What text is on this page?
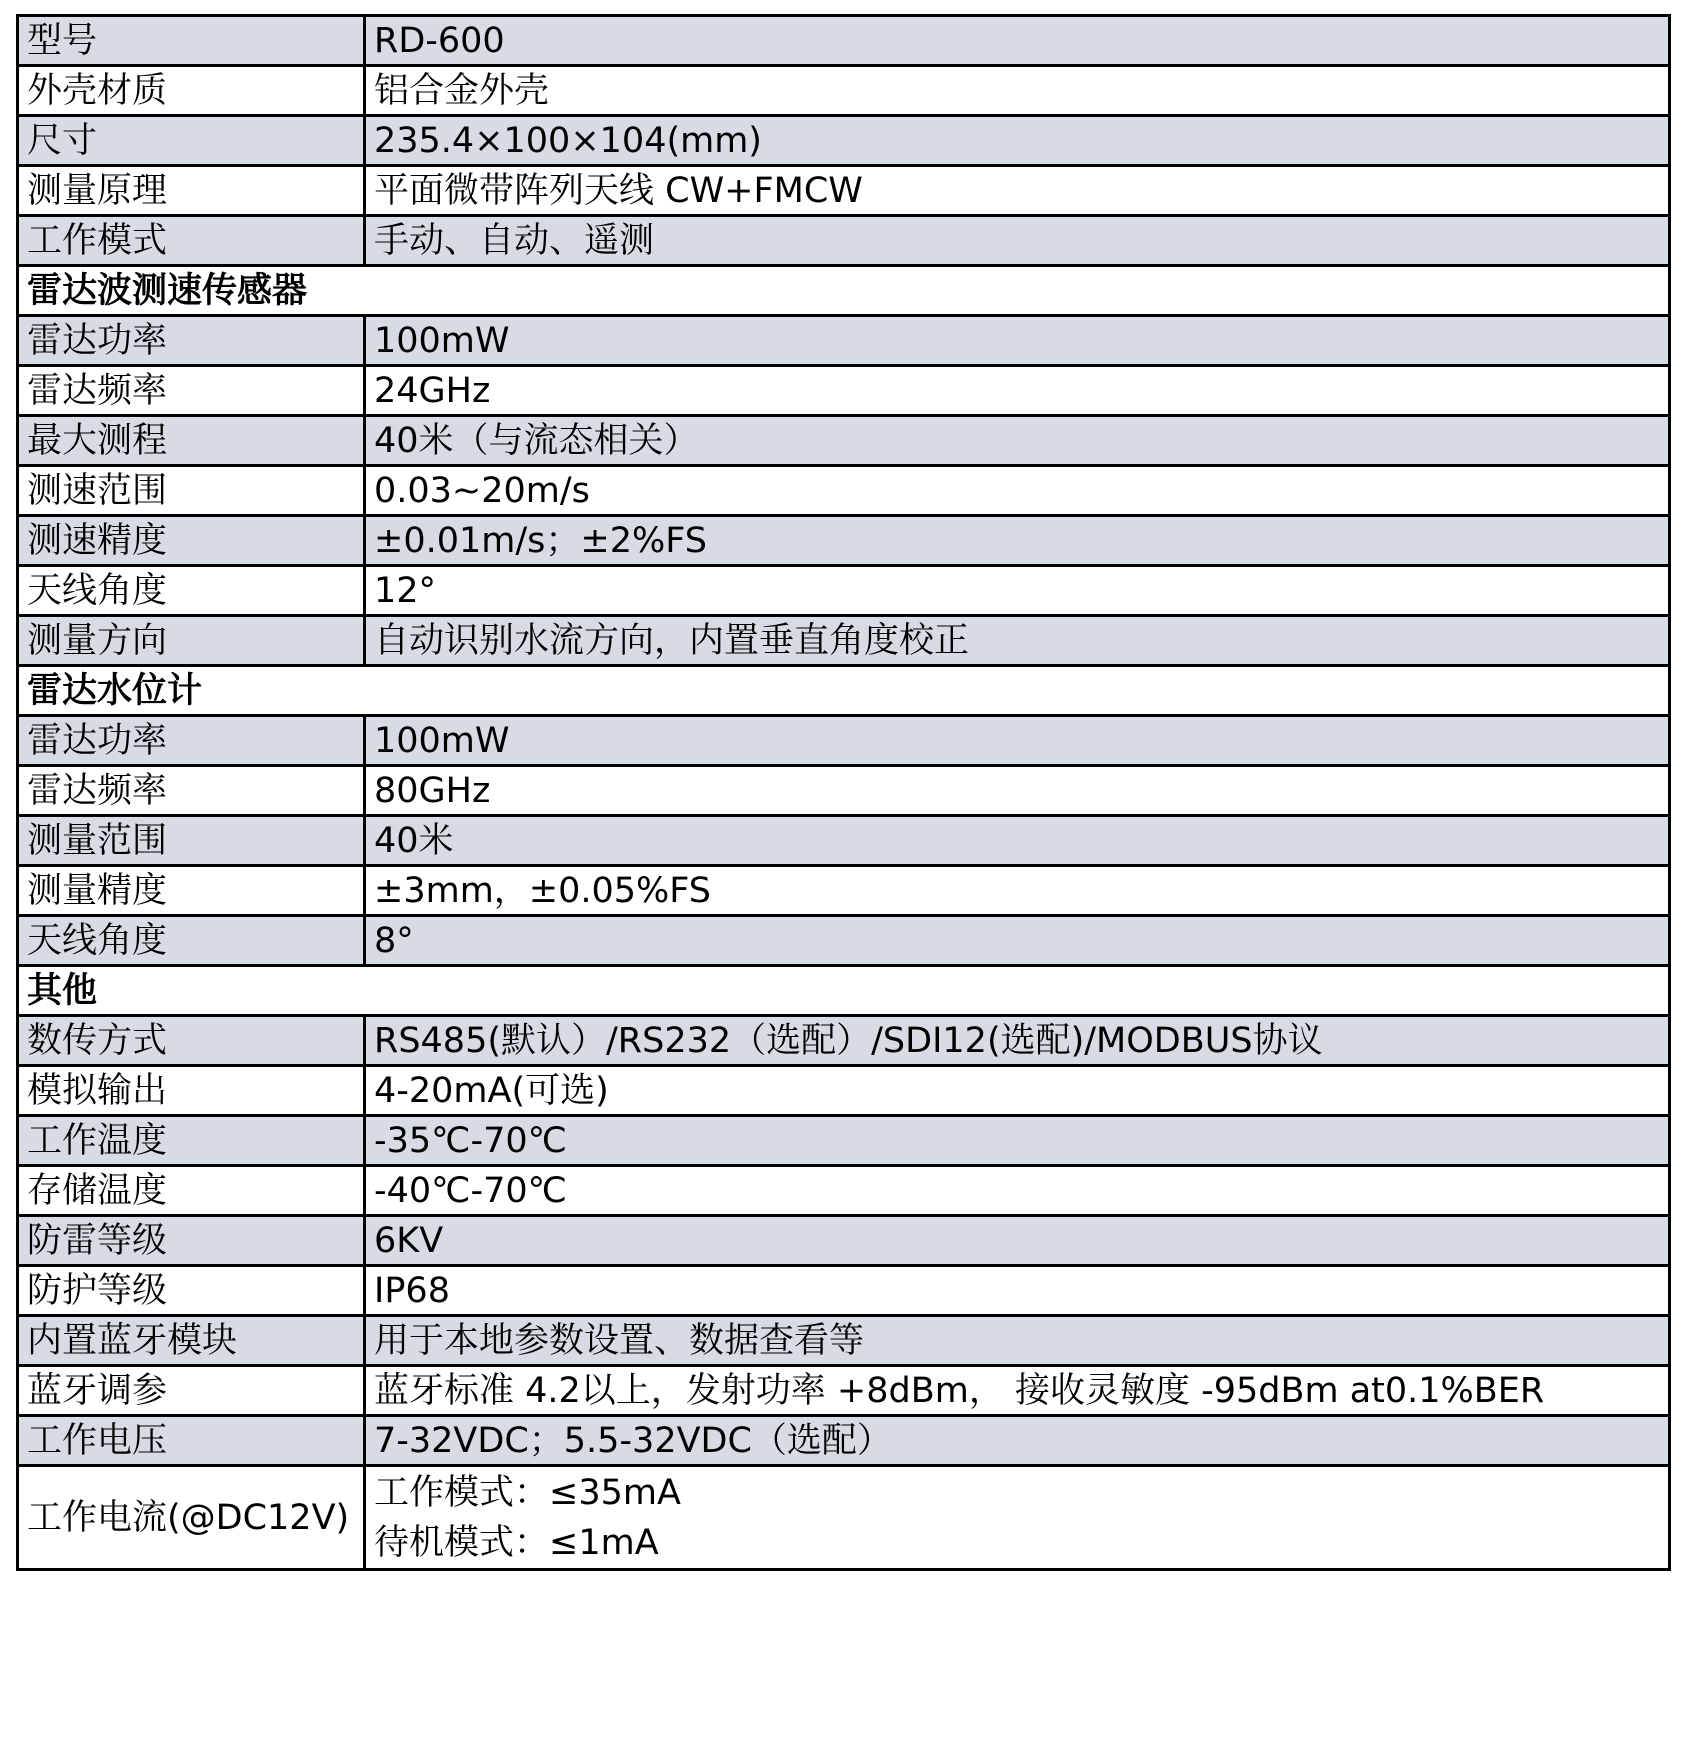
型号	RD-600
外壳材质	铝合金外壳
尺寸	235.4×100×104(mm)
测量原理	平面微带阵列天线 CW+FMCW
工作模式	手动、自动、遥测
雷达波测速传感器	
雷达功率	100mW
雷达频率	24GHz
最大测程	40米（与流态相关）
测速范围	0.03~20m/s
测速精度	±0.01m/s；±2%FS
天线角度	12°
测量方向	自动识别水流方向，内置垂直角度校正
雷达水位计	
雷达功率	100mW
雷达频率	80GHz
测量范围	40米
测量精度	±3mm，±0.05%FS
天线角度	8°
其他	
数传方式	RS485(默认）/RS232（选配）/SDI12(选配)/MODBUS协议
模拟输出	4-20mA(可选)
工作温度	-35℃-70℃
存储温度	-40℃-70℃
防雷等级	6KV
防护等级	IP68
内置蓝牙模块	用于本地参数设置、数据查看等
蓝牙调参	蓝牙标准 4.2以上，发射功率 +8dBm， 接收灵敏度 -95dBm at0.1%BER
工作电压	7-32VDC；5.5-32VDC（选配）
工作电流(@DC12V)	工作模式：≤35mA
待机模式：≤1mA
